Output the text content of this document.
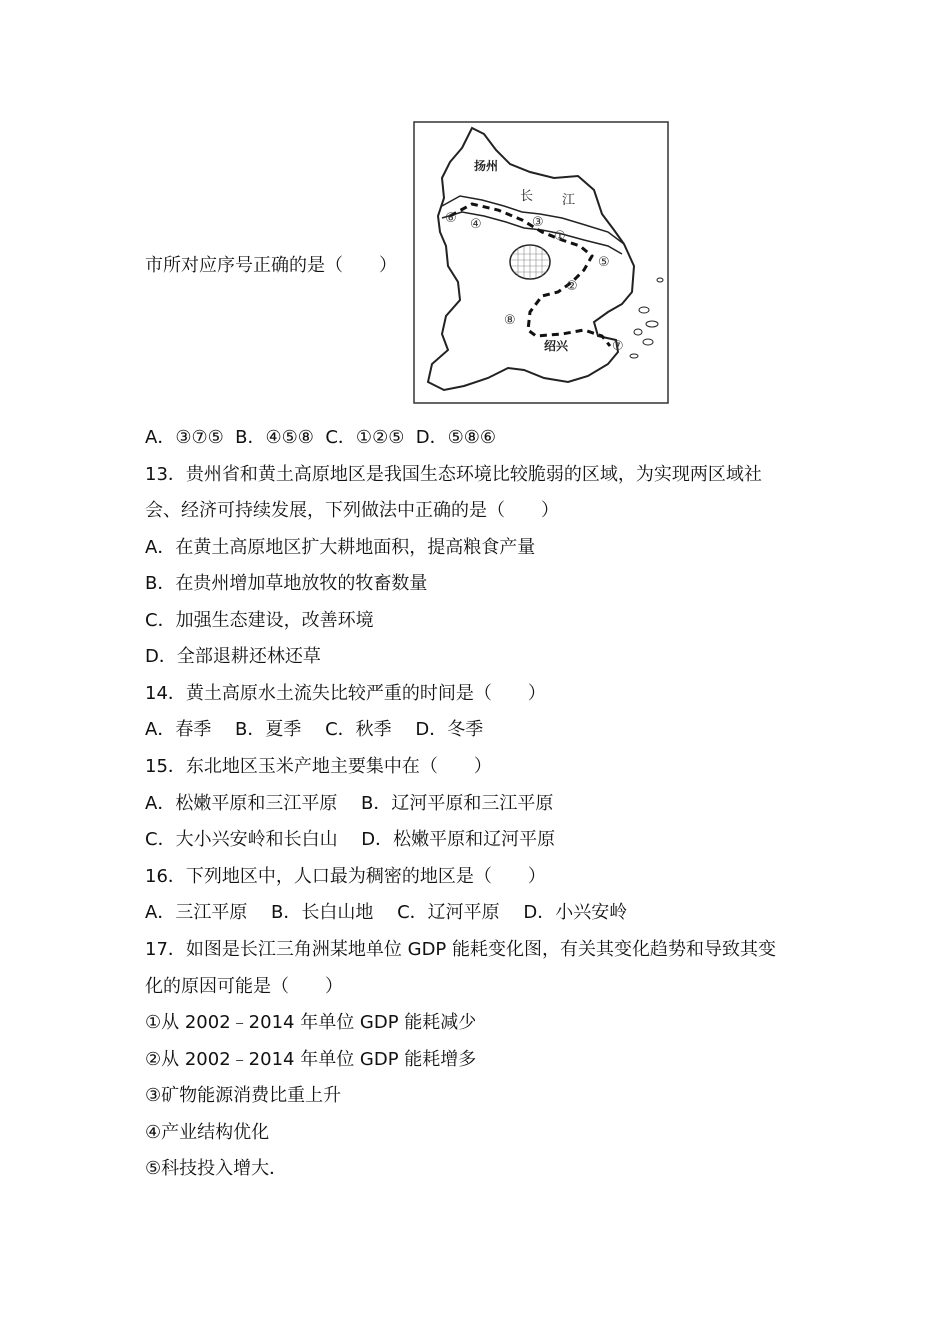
市所对应序号正确的是（　　）
扬州
长 江
绍兴
⑥ ④	③
①
⑤
②
⑧
⑦

A．③⑦⑤  B．④⑤⑧  C．①②⑤  D．⑤⑧⑥

13．贵州省和黄土高原地区是我国生态环境比较脆弱的区域，为实现两区域社

会、经济可持续发展，下列做法中正确的是（　　）

A．在黄土高原地区扩大耕地面积，提高粮食产量

B．在贵州增加草地放牧的牧畜数量

C．加强生态建设，改善环境

D．全部退耕还林还草

14．黄土高原水土流失比较严重的时间是（　　）

A．春季　 B．夏季　 C．秋季　 D．冬季

15．东北地区玉米产地主要集中在（　　）

A．松嫩平原和三江平原　 B．辽河平原和三江平原

C．大小兴安岭和长白山　 D．松嫩平原和辽河平原

16．下列地区中，人口最为稠密的地区是（　　）

A．三江平原　 B．长白山地　 C．辽河平原　 D．小兴安岭

17．如图是长江三角洲某地单位 GDP 能耗变化图，有关其变化趋势和导致其变

化的原因可能是（　　）

①从 2002﹣2014 年单位 GDP 能耗减少

②从 2002﹣2014 年单位 GDP 能耗增多

③矿物能源消费比重上升

④产业结构优化

⑤科技投入增大．
